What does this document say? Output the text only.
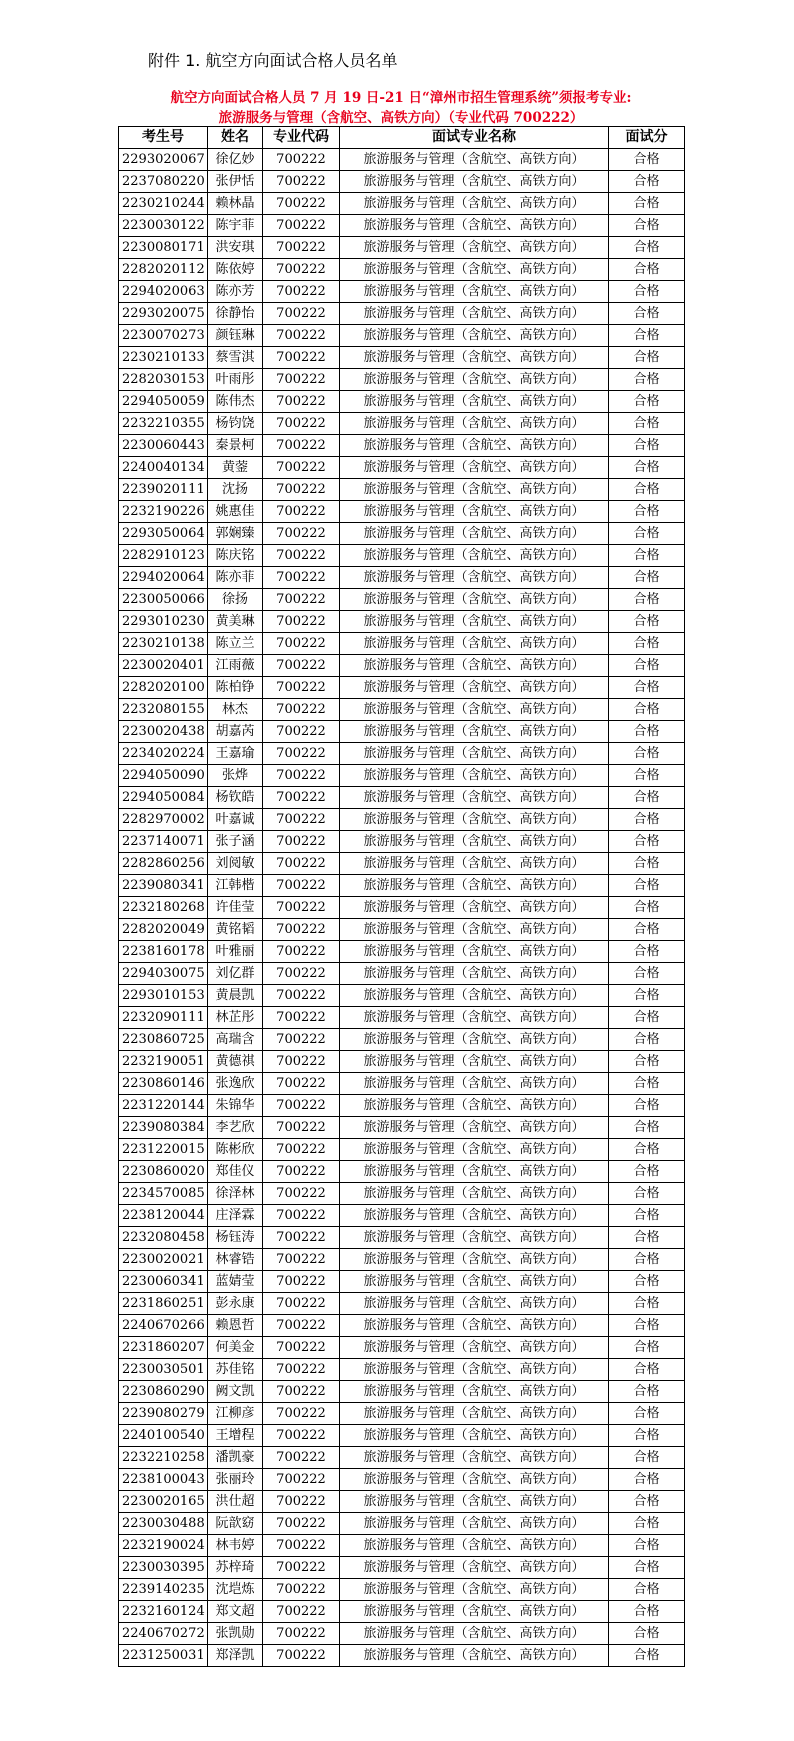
附件 1. 航空方向面试合格人员名单
航空方向面试合格人员 7 月 19 日-21 日“漳州市招生管理系统”须报考专业:
旅游服务与管理（含航空、高铁方向）（专业代码 700222）
考生号	姓名	专业代码	面试专业名称	面试分
2293020067	徐亿妙	700222	旅游服务与管理（含航空、高铁方向）	合格
2237080220	张伊恬	700222	旅游服务与管理（含航空、高铁方向）	合格
2230210244	赖林晶	700222	旅游服务与管理（含航空、高铁方向）	合格
2230030122	陈宇菲	700222	旅游服务与管理（含航空、高铁方向）	合格
2230080171	洪安琪	700222	旅游服务与管理（含航空、高铁方向）	合格
2282020112	陈依婷	700222	旅游服务与管理（含航空、高铁方向）	合格
2294020063	陈亦芳	700222	旅游服务与管理（含航空、高铁方向）	合格
2293020075	徐静怡	700222	旅游服务与管理（含航空、高铁方向）	合格
2230070273	颜钰琳	700222	旅游服务与管理（含航空、高铁方向）	合格
2230210133	蔡雪淇	700222	旅游服务与管理（含航空、高铁方向）	合格
2282030153	叶雨彤	700222	旅游服务与管理（含航空、高铁方向）	合格
2294050059	陈伟杰	700222	旅游服务与管理（含航空、高铁方向）	合格
2232210355	杨钧饶	700222	旅游服务与管理（含航空、高铁方向）	合格
2230060443	秦景柯	700222	旅游服务与管理（含航空、高铁方向）	合格
2240040134	黄蓥	700222	旅游服务与管理（含航空、高铁方向）	合格
2239020111	沈扬	700222	旅游服务与管理（含航空、高铁方向）	合格
2232190226	姚惠佳	700222	旅游服务与管理（含航空、高铁方向）	合格
2293050064	郭娴臻	700222	旅游服务与管理（含航空、高铁方向）	合格
2282910123	陈庆铭	700222	旅游服务与管理（含航空、高铁方向）	合格
2294020064	陈亦菲	700222	旅游服务与管理（含航空、高铁方向）	合格
2230050066	徐扬	700222	旅游服务与管理（含航空、高铁方向）	合格
2293010230	黄美琳	700222	旅游服务与管理（含航空、高铁方向）	合格
2230210138	陈立兰	700222	旅游服务与管理（含航空、高铁方向）	合格
2230020401	江雨薇	700222	旅游服务与管理（含航空、高铁方向）	合格
2282020100	陈柏铮	700222	旅游服务与管理（含航空、高铁方向）	合格
2232080155	林杰	700222	旅游服务与管理（含航空、高铁方向）	合格
2230020438	胡嘉芮	700222	旅游服务与管理（含航空、高铁方向）	合格
2234020224	王嘉瑜	700222	旅游服务与管理（含航空、高铁方向）	合格
2294050090	张烨	700222	旅游服务与管理（含航空、高铁方向）	合格
2294050084	杨钦皓	700222	旅游服务与管理（含航空、高铁方向）	合格
2282970002	叶嘉诚	700222	旅游服务与管理（含航空、高铁方向）	合格
2237140071	张子涵	700222	旅游服务与管理（含航空、高铁方向）	合格
2282860256	刘阅敏	700222	旅游服务与管理（含航空、高铁方向）	合格
2239080341	江韩楷	700222	旅游服务与管理（含航空、高铁方向）	合格
2232180268	许佳莹	700222	旅游服务与管理（含航空、高铁方向）	合格
2282020049	黄铭韬	700222	旅游服务与管理（含航空、高铁方向）	合格
2238160178	叶雅丽	700222	旅游服务与管理（含航空、高铁方向）	合格
2294030075	刘亿群	700222	旅游服务与管理（含航空、高铁方向）	合格
2293010153	黄晨凯	700222	旅游服务与管理（含航空、高铁方向）	合格
2232090111	林芷彤	700222	旅游服务与管理（含航空、高铁方向）	合格
2230860725	高瑞含	700222	旅游服务与管理（含航空、高铁方向）	合格
2232190051	黄德祺	700222	旅游服务与管理（含航空、高铁方向）	合格
2230860146	张逸欣	700222	旅游服务与管理（含航空、高铁方向）	合格
2231220144	朱锦华	700222	旅游服务与管理（含航空、高铁方向）	合格
2239080384	李艺欣	700222	旅游服务与管理（含航空、高铁方向）	合格
2231220015	陈彬欣	700222	旅游服务与管理（含航空、高铁方向）	合格
2230860020	郑佳仪	700222	旅游服务与管理（含航空、高铁方向）	合格
2234570085	徐泽林	700222	旅游服务与管理（含航空、高铁方向）	合格
2238120044	庄泽霖	700222	旅游服务与管理（含航空、高铁方向）	合格
2232080458	杨钰涛	700222	旅游服务与管理（含航空、高铁方向）	合格
2230020021	林睿锆	700222	旅游服务与管理（含航空、高铁方向）	合格
2230060341	蓝婧莹	700222	旅游服务与管理（含航空、高铁方向）	合格
2231860251	彭永康	700222	旅游服务与管理（含航空、高铁方向）	合格
2240670266	赖恩哲	700222	旅游服务与管理（含航空、高铁方向）	合格
2231860207	何美金	700222	旅游服务与管理（含航空、高铁方向）	合格
2230030501	苏佳铭	700222	旅游服务与管理（含航空、高铁方向）	合格
2230860290	阙文凯	700222	旅游服务与管理（含航空、高铁方向）	合格
2239080279	江柳彦	700222	旅游服务与管理（含航空、高铁方向）	合格
2240100540	王增程	700222	旅游服务与管理（含航空、高铁方向）	合格
2232210258	潘凯豪	700222	旅游服务与管理（含航空、高铁方向）	合格
2238100043	张丽玲	700222	旅游服务与管理（含航空、高铁方向）	合格
2230020165	洪仕超	700222	旅游服务与管理（含航空、高铁方向）	合格
2230030488	阮歆窈	700222	旅游服务与管理（含航空、高铁方向）	合格
2232190024	林韦婷	700222	旅游服务与管理（含航空、高铁方向）	合格
2230030395	苏梓琦	700222	旅游服务与管理（含航空、高铁方向）	合格
2239140235	沈垲炼	700222	旅游服务与管理（含航空、高铁方向）	合格
2232160124	郑文超	700222	旅游服务与管理（含航空、高铁方向）	合格
2240670272	张凯勋	700222	旅游服务与管理（含航空、高铁方向）	合格
2231250031	郑泽凯	700222	旅游服务与管理（含航空、高铁方向）	合格
